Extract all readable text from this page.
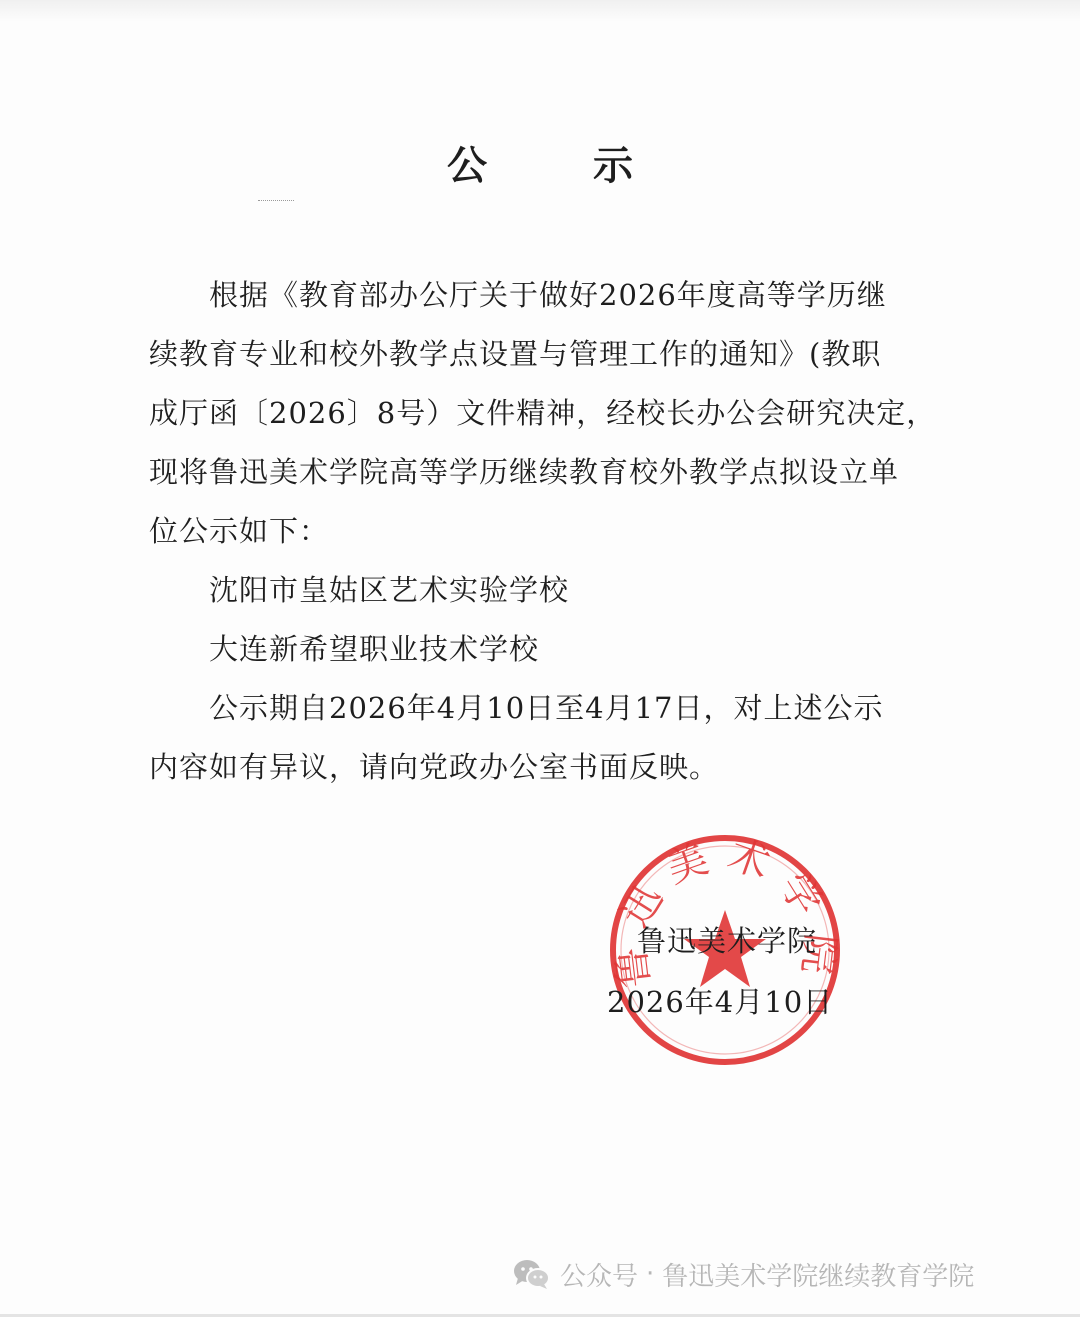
公 示
根据《教育部办公厅关于做好2026年度高等学历继
续教育专业和校外教学点设置与管理工作的通知》(教职
成厅函〔2026〕8号）文件精神，经校长办公会研究决定，
现将鲁迅美术学院高等学历继续教育校外教学点拟设立单
位公示如下：
沈阳市皇姑区艺术实验学校
大连新希望职业技术学校
公示期自2026年4月10日至4月17日，对上述公示
内容如有异议，请向党政办公室书面反映。
鲁迅美术学院
鲁迅美术学院
2026年4月10日
公众号 · 鲁迅美术学院继续教育学院
